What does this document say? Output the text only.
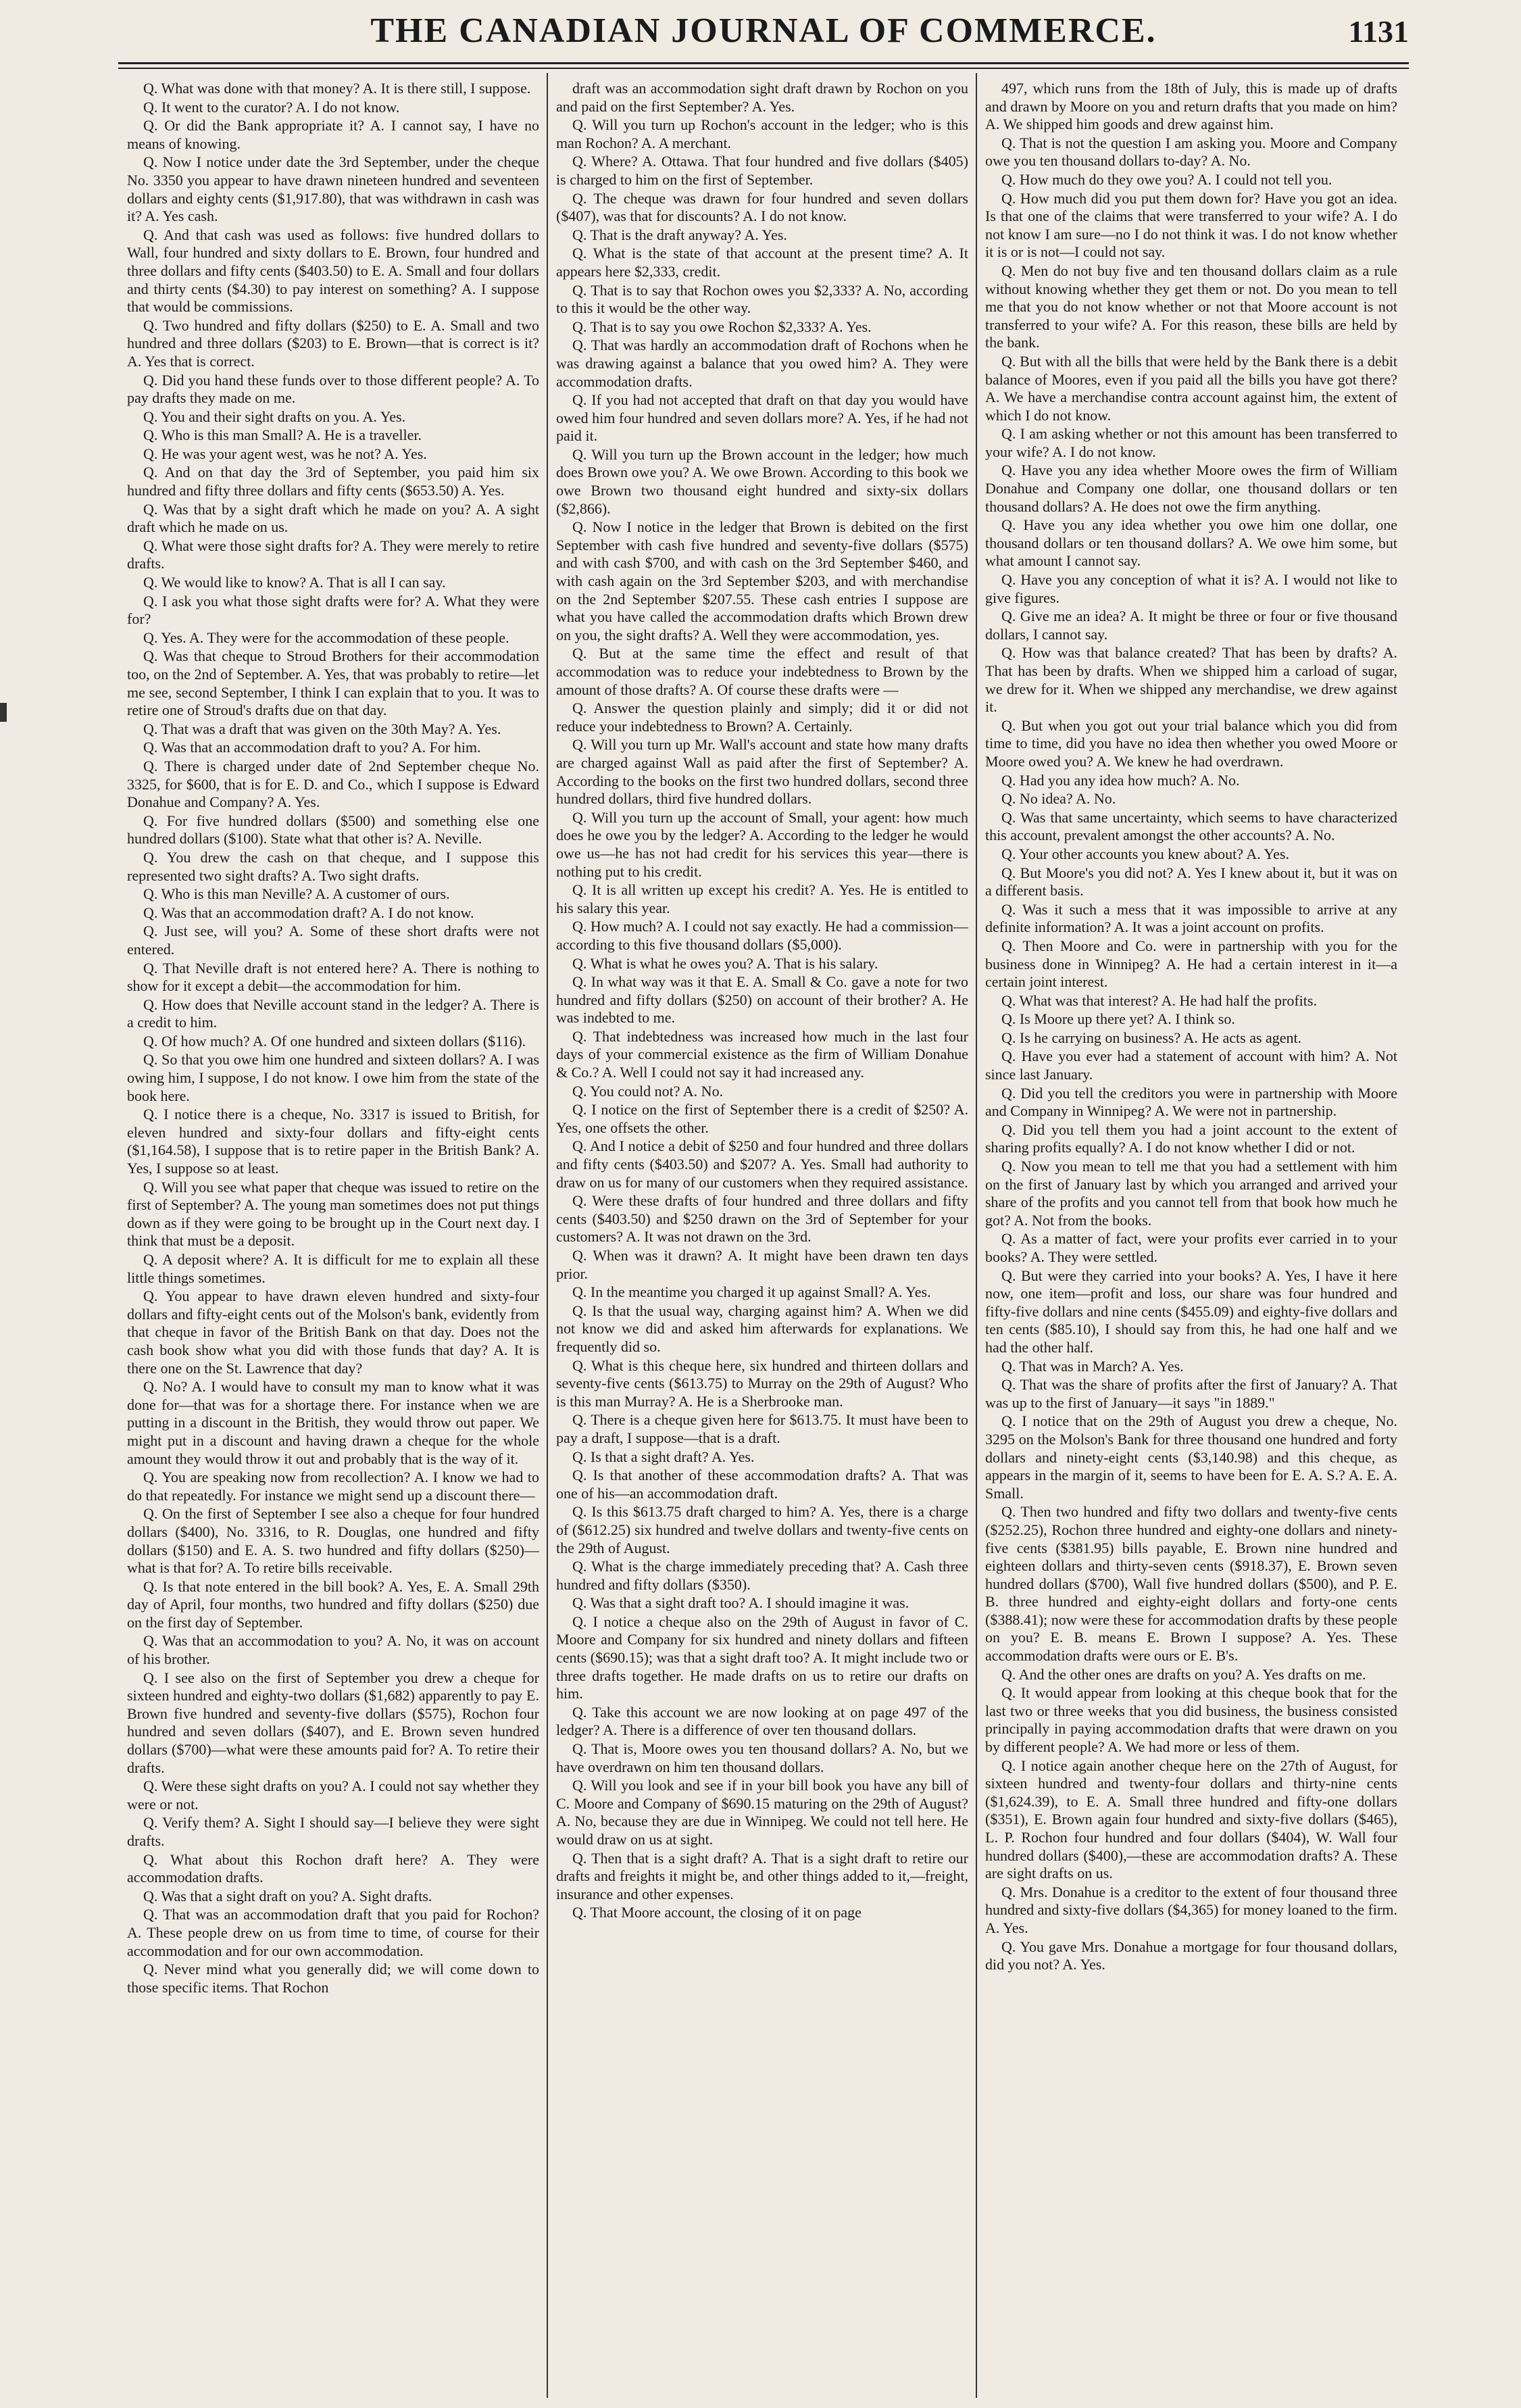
THE CANADIAN JOURNAL OF COMMERCE.	1131

Q. What was done with that money? A. It is there still, I suppose.

Q. It went to the curator? A. I do not know.

Q. Or did the Bank appropriate it? A. I cannot say, I have no means of knowing.

Q. Now I notice under date the 3rd September, under the cheque No. 3350 you appear to have drawn nineteen hundred and seventeen dollars and eighty cents ($1,917.80), that was withdrawn in cash was it? A. Yes cash.

Q. And that cash was used as follows: five hundred dollars to Wall, four hundred and sixty dollars to E. Brown, four hundred and three dollars and fifty cents ($403.50) to E. A. Small and four dollars and thirty cents ($4.30) to pay interest on something? A. I suppose that would be commissions.

Q. Two hundred and fifty dollars ($250) to E. A. Small and two hundred and three dollars ($203) to E. Brown—that is correct is it? A. Yes that is correct.

Q. Did you hand these funds over to those different people? A. To pay drafts they made on me.

Q. You and their sight drafts on you. A. Yes.

Q. Who is this man Small? A. He is a traveller.

Q. He was your agent west, was he not? A. Yes.

Q. And on that day the 3rd of September, you paid him six hundred and fifty three dollars and fifty cents ($653.50) A. Yes.

Q. Was that by a sight draft which he made on you? A. A sight draft which he made on us.

Q. What were those sight drafts for? A. They were merely to retire drafts.

Q. We would like to know? A. That is all I can say.

Q. I ask you what those sight drafts were for? A. What they were for?

Q. Yes. A. They were for the accommodation of these people.

Q. Was that cheque to Stroud Brothers for their accommodation too, on the 2nd of September. A. Yes, that was probably to retire—let me see, second September, I think I can explain that to you. It was to retire one of Stroud's drafts due on that day.

Q. That was a draft that was given on the 30th May? A. Yes.

Q. Was that an accommodation draft to you? A. For him.

Q. There is charged under date of 2nd September cheque No. 3325, for $600, that is for E. D. and Co., which I suppose is Edward Donahue and Company? A. Yes.

Q. For five hundred dollars ($500) and something else one hundred dollars ($100). State what that other is? A. Neville.

Q. You drew the cash on that cheque, and I suppose this represented two sight drafts? A. Two sight drafts.

Q. Who is this man Neville? A. A customer of ours.

Q. Was that an accommodation draft? A. I do not know.

Q. Just see, will you? A. Some of these short drafts were not entered.

Q. That Neville draft is not entered here? A. There is nothing to show for it except a debit—the accommodation for him.

Q. How does that Neville account stand in the ledger? A. There is a credit to him.

Q. Of how much? A. Of one hundred and sixteen dollars ($116).

Q. So that you owe him one hundred and sixteen dollars? A. I was owing him, I suppose, I do not know. I owe him from the state of the book here.

Q. I notice there is a cheque, No. 3317 is issued to British, for eleven hundred and sixty-four dollars and fifty-eight cents ($1,164.58), I suppose that is to retire paper in the British Bank? A. Yes, I suppose so at least.

Q. Will you see what paper that cheque was issued to retire on the first of September? A. The young man sometimes does not put things down as if they were going to be brought up in the Court next day. I think that must be a deposit.

Q. A deposit where? A. It is difficult for me to explain all these little things sometimes.

Q. You appear to have drawn eleven hundred and sixty-four dollars and fifty-eight cents out of the Molson's bank, evidently from that cheque in favor of the British Bank on that day. Does not the cash book show what you did with those funds that day? A. It is there one on the St. Lawrence that day?

Q. No? A. I would have to consult my man to know what it was done for—that was for a shortage there. For instance when we are putting in a discount in the British, they would throw out paper. We might put in a discount and having drawn a cheque for the whole amount they would throw it out and probably that is the way of it.

Q. You are speaking now from recollection? A. I know we had to do that repeatedly. For instance we might send up a discount there—

Q. On the first of September I see also a cheque for four hundred dollars ($400), No. 3316, to R. Douglas, one hundred and fifty dollars ($150) and E. A. S. two hundred and fifty dollars ($250)—what is that for? A. To retire bills receivable.

Q. Is that note entered in the bill book? A. Yes, E. A. Small 29th day of April, four months, two hundred and fifty dollars ($250) due on the first day of September.

Q. Was that an accommodation to you? A. No, it was on account of his brother.

Q. I see also on the first of September you drew a cheque for sixteen hundred and eighty-two dollars ($1,682) apparently to pay E. Brown five hundred and seventy-five dollars ($575), Rochon four hundred and seven dollars ($407), and E. Brown seven hundred dollars ($700)—what were these amounts paid for? A. To retire their drafts.

Q. Were these sight drafts on you? A. I could not say whether they were or not.

Q. Verify them? A. Sight I should say—I believe they were sight drafts.

Q. What about this Rochon draft here? A. They were accommodation drafts.

Q. Was that a sight draft on you? A. Sight drafts.

Q. That was an accommodation draft that you paid for Rochon? A. These people drew on us from time to time, of course for their accommodation and for our own accommodation.

Q. Never mind what you generally did; we will come down to those specific items. That Rochon

draft was an accommodation sight draft drawn by Rochon on you and paid on the first September? A. Yes.

Q. Will you turn up Rochon's account in the ledger; who is this man Rochon? A. A merchant.

Q. Where? A. Ottawa. That four hundred and five dollars ($405) is charged to him on the first of September.

Q. The cheque was drawn for four hundred and seven dollars ($407), was that for discounts? A. I do not know.

Q. That is the draft anyway? A. Yes.

Q. What is the state of that account at the present time? A. It appears here $2,333, credit.

Q. That is to say that Rochon owes you $2,333? A. No, according to this it would be the other way.

Q. That is to say you owe Rochon $2,333? A. Yes.

Q. That was hardly an accommodation draft of Rochons when he was drawing against a balance that you owed him? A. They were accommodation drafts.

Q. If you had not accepted that draft on that day you would have owed him four hundred and seven dollars more? A. Yes, if he had not paid it.

Q. Will you turn up the Brown account in the ledger; how much does Brown owe you? A. We owe Brown. According to this book we owe Brown two thousand eight hundred and sixty-six dollars ($2,866).

Q. Now I notice in the ledger that Brown is debited on the first September with cash five hundred and seventy-five dollars ($575) and with cash $700, and with cash on the 3rd September $460, and with cash again on the 3rd September $203, and with merchandise on the 2nd September $207.55. These cash entries I suppose are what you have called the accommodation drafts which Brown drew on you, the sight drafts? A. Well they were accommodation, yes.

Q. But at the same time the effect and result of that accommodation was to reduce your indebtedness to Brown by the amount of those drafts? A. Of course these drafts were —

Q. Answer the question plainly and simply; did it or did not reduce your indebtedness to Brown? A. Certainly.

Q. Will you turn up Mr. Wall's account and state how many drafts are charged against Wall as paid after the first of September? A. According to the books on the first two hundred dollars, second three hundred dollars, third five hundred dollars.

Q. Will you turn up the account of Small, your agent: how much does he owe you by the ledger? A. According to the ledger he would owe us—he has not had credit for his services this year—there is nothing put to his credit.

Q. It is all written up except his credit? A. Yes. He is entitled to his salary this year.

Q. How much? A. I could not say exactly. He had a commission—according to this five thousand dollars ($5,000).

Q. What is what he owes you? A. That is his salary.

Q. In what way was it that E. A. Small & Co. gave a note for two hundred and fifty dollars ($250) on account of their brother? A. He was indebted to me.

Q. That indebtedness was increased how much in the last four days of your commercial existence as the firm of William Donahue & Co.? A. Well I could not say it had increased any.

Q. You could not? A. No.

Q. I notice on the first of September there is a credit of $250? A. Yes, one offsets the other.

Q. And I notice a debit of $250 and four hundred and three dollars and fifty cents ($403.50) and $207? A. Yes. Small had authority to draw on us for many of our customers when they required assistance.

Q. Were these drafts of four hundred and three dollars and fifty cents ($403.50) and $250 drawn on the 3rd of September for your customers? A. It was not drawn on the 3rd.

Q. When was it drawn? A. It might have been drawn ten days prior.

Q. In the meantime you charged it up against Small? A. Yes.

Q. Is that the usual way, charging against him? A. When we did not know we did and asked him afterwards for explanations. We frequently did so.

Q. What is this cheque here, six hundred and thirteen dollars and seventy-five cents ($613.75) to Murray on the 29th of August? Who is this man Murray? A. He is a Sherbrooke man.

Q. There is a cheque given here for $613.75. It must have been to pay a draft, I suppose—that is a draft.

Q. Is that a sight draft? A. Yes.

Q. Is that another of these accommodation drafts? A. That was one of his—an accommodation draft.

Q. Is this $613.75 draft charged to him? A. Yes, there is a charge of ($612.25) six hundred and twelve dollars and twenty-five cents on the 29th of August.

Q. What is the charge immediately preceding that? A. Cash three hundred and fifty dollars ($350).

Q. Was that a sight draft too? A. I should imagine it was.

Q. I notice a cheque also on the 29th of August in favor of C. Moore and Company for six hundred and ninety dollars and fifteen cents ($690.15); was that a sight draft too? A. It might include two or three drafts together. He made drafts on us to retire our drafts on him.

Q. Take this account we are now looking at on page 497 of the ledger? A. There is a difference of over ten thousand dollars.

Q. That is, Moore owes you ten thousand dollars? A. No, but we have overdrawn on him ten thousand dollars.

Q. Will you look and see if in your bill book you have any bill of C. Moore and Company of $690.15 maturing on the 29th of August? A. No, because they are due in Winnipeg. We could not tell here. He would draw on us at sight.

Q. Then that is a sight draft? A. That is a sight draft to retire our drafts and freights it might be, and other things added to it,—freight, insurance and other expenses.

Q. That Moore account, the closing of it on page

497, which runs from the 18th of July, this is made up of drafts and drawn by Moore on you and return drafts that you made on him? A. We shipped him goods and drew against him.

Q. That is not the question I am asking you. Moore and Company owe you ten thousand dollars to-day? A. No.

Q. How much do they owe you? A. I could not tell you.

Q. How much did you put them down for? Have you got an idea. Is that one of the claims that were transferred to your wife? A. I do not know I am sure—no I do not think it was. I do not know whether it is or is not—I could not say.

Q. Men do not buy five and ten thousand dollars claim as a rule without knowing whether they get them or not. Do you mean to tell me that you do not know whether or not that Moore account is not transferred to your wife? A. For this reason, these bills are held by the bank.

Q. But with all the bills that were held by the Bank there is a debit balance of Moores, even if you paid all the bills you have got there? A. We have a merchandise contra account against him, the extent of which I do not know.

Q. I am asking whether or not this amount has been transferred to your wife? A. I do not know.

Q. Have you any idea whether Moore owes the firm of William Donahue and Company one dollar, one thousand dollars or ten thousand dollars? A. He does not owe the firm anything.

Q. Have you any idea whether you owe him one dollar, one thousand dollars or ten thousand dollars? A. We owe him some, but what amount I cannot say.

Q. Have you any conception of what it is? A. I would not like to give figures.

Q. Give me an idea? A. It might be three or four or five thousand dollars, I cannot say.

Q. How was that balance created? That has been by drafts? A. That has been by drafts. When we shipped him a carload of sugar, we drew for it. When we shipped any merchandise, we drew against it.

Q. But when you got out your trial balance which you did from time to time, did you have no idea then whether you owed Moore or Moore owed you? A. We knew he had overdrawn.

Q. Had you any idea how much? A. No.

Q. No idea? A. No.

Q. Was that same uncertainty, which seems to have characterized this account, prevalent amongst the other accounts? A. No.

Q. Your other accounts you knew about? A. Yes.

Q. But Moore's you did not? A. Yes I knew about it, but it was on a different basis.

Q. Was it such a mess that it was impossible to arrive at any definite information? A. It was a joint account on profits.

Q. Then Moore and Co. were in partnership with you for the business done in Winnipeg? A. He had a certain interest in it—a certain joint interest.

Q. What was that interest? A. He had half the profits.

Q. Is Moore up there yet? A. I think so.

Q. Is he carrying on business? A. He acts as agent.

Q. Have you ever had a statement of account with him? A. Not since last January.

Q. Did you tell the creditors you were in partnership with Moore and Company in Winnipeg? A. We were not in partnership.

Q. Did you tell them you had a joint account to the extent of sharing profits equally? A. I do not know whether I did or not.

Q. Now you mean to tell me that you had a settlement with him on the first of January last by which you arranged and arrived your share of the profits and you cannot tell from that book how much he got? A. Not from the books.

Q. As a matter of fact, were your profits ever carried in to your books? A. They were settled.

Q. But were they carried into your books? A. Yes, I have it here now, one item—profit and loss, our share was four hundred and fifty-five dollars and nine cents ($455.09) and eighty-five dollars and ten cents ($85.10), I should say from this, he had one half and we had the other half.

Q. That was in March? A. Yes.

Q. That was the share of profits after the first of January? A. That was up to the first of January—it says "in 1889."

Q. I notice that on the 29th of August you drew a cheque, No. 3295 on the Molson's Bank for three thousand one hundred and forty dollars and ninety-eight cents ($3,140.98) and this cheque, as appears in the margin of it, seems to have been for E. A. S.? A. E. A. Small.

Q. Then two hundred and fifty two dollars and twenty-five cents ($252.25), Rochon three hundred and eighty-one dollars and ninety-five cents ($381.95) bills payable, E. Brown nine hundred and eighteen dollars and thirty-seven cents ($918.37), E. Brown seven hundred dollars ($700), Wall five hundred dollars ($500), and P. E. B. three hundred and eighty-eight dollars and forty-one cents ($388.41); now were these for accommodation drafts by these people on you? E. B. means E. Brown I suppose? A. Yes. These accommodation drafts were ours or E. B's.

Q. And the other ones are drafts on you? A. Yes drafts on me.

Q. It would appear from looking at this cheque book that for the last two or three weeks that you did business, the business consisted principally in paying accommodation drafts that were drawn on you by different people? A. We had more or less of them.

Q. I notice again another cheque here on the 27th of August, for sixteen hundred and twenty-four dollars and thirty-nine cents ($1,624.39), to E. A. Small three hundred and fifty-one dollars ($351), E. Brown again four hundred and sixty-five dollars ($465), L. P. Rochon four hundred and four dollars ($404), W. Wall four hundred dollars ($400),—these are accommodation drafts? A. These are sight drafts on us.

Q. Mrs. Donahue is a creditor to the extent of four thousand three hundred and sixty-five dollars ($4,365) for money loaned to the firm. A. Yes.

Q. You gave Mrs. Donahue a mortgage for four thousand dollars, did you not? A. Yes.
